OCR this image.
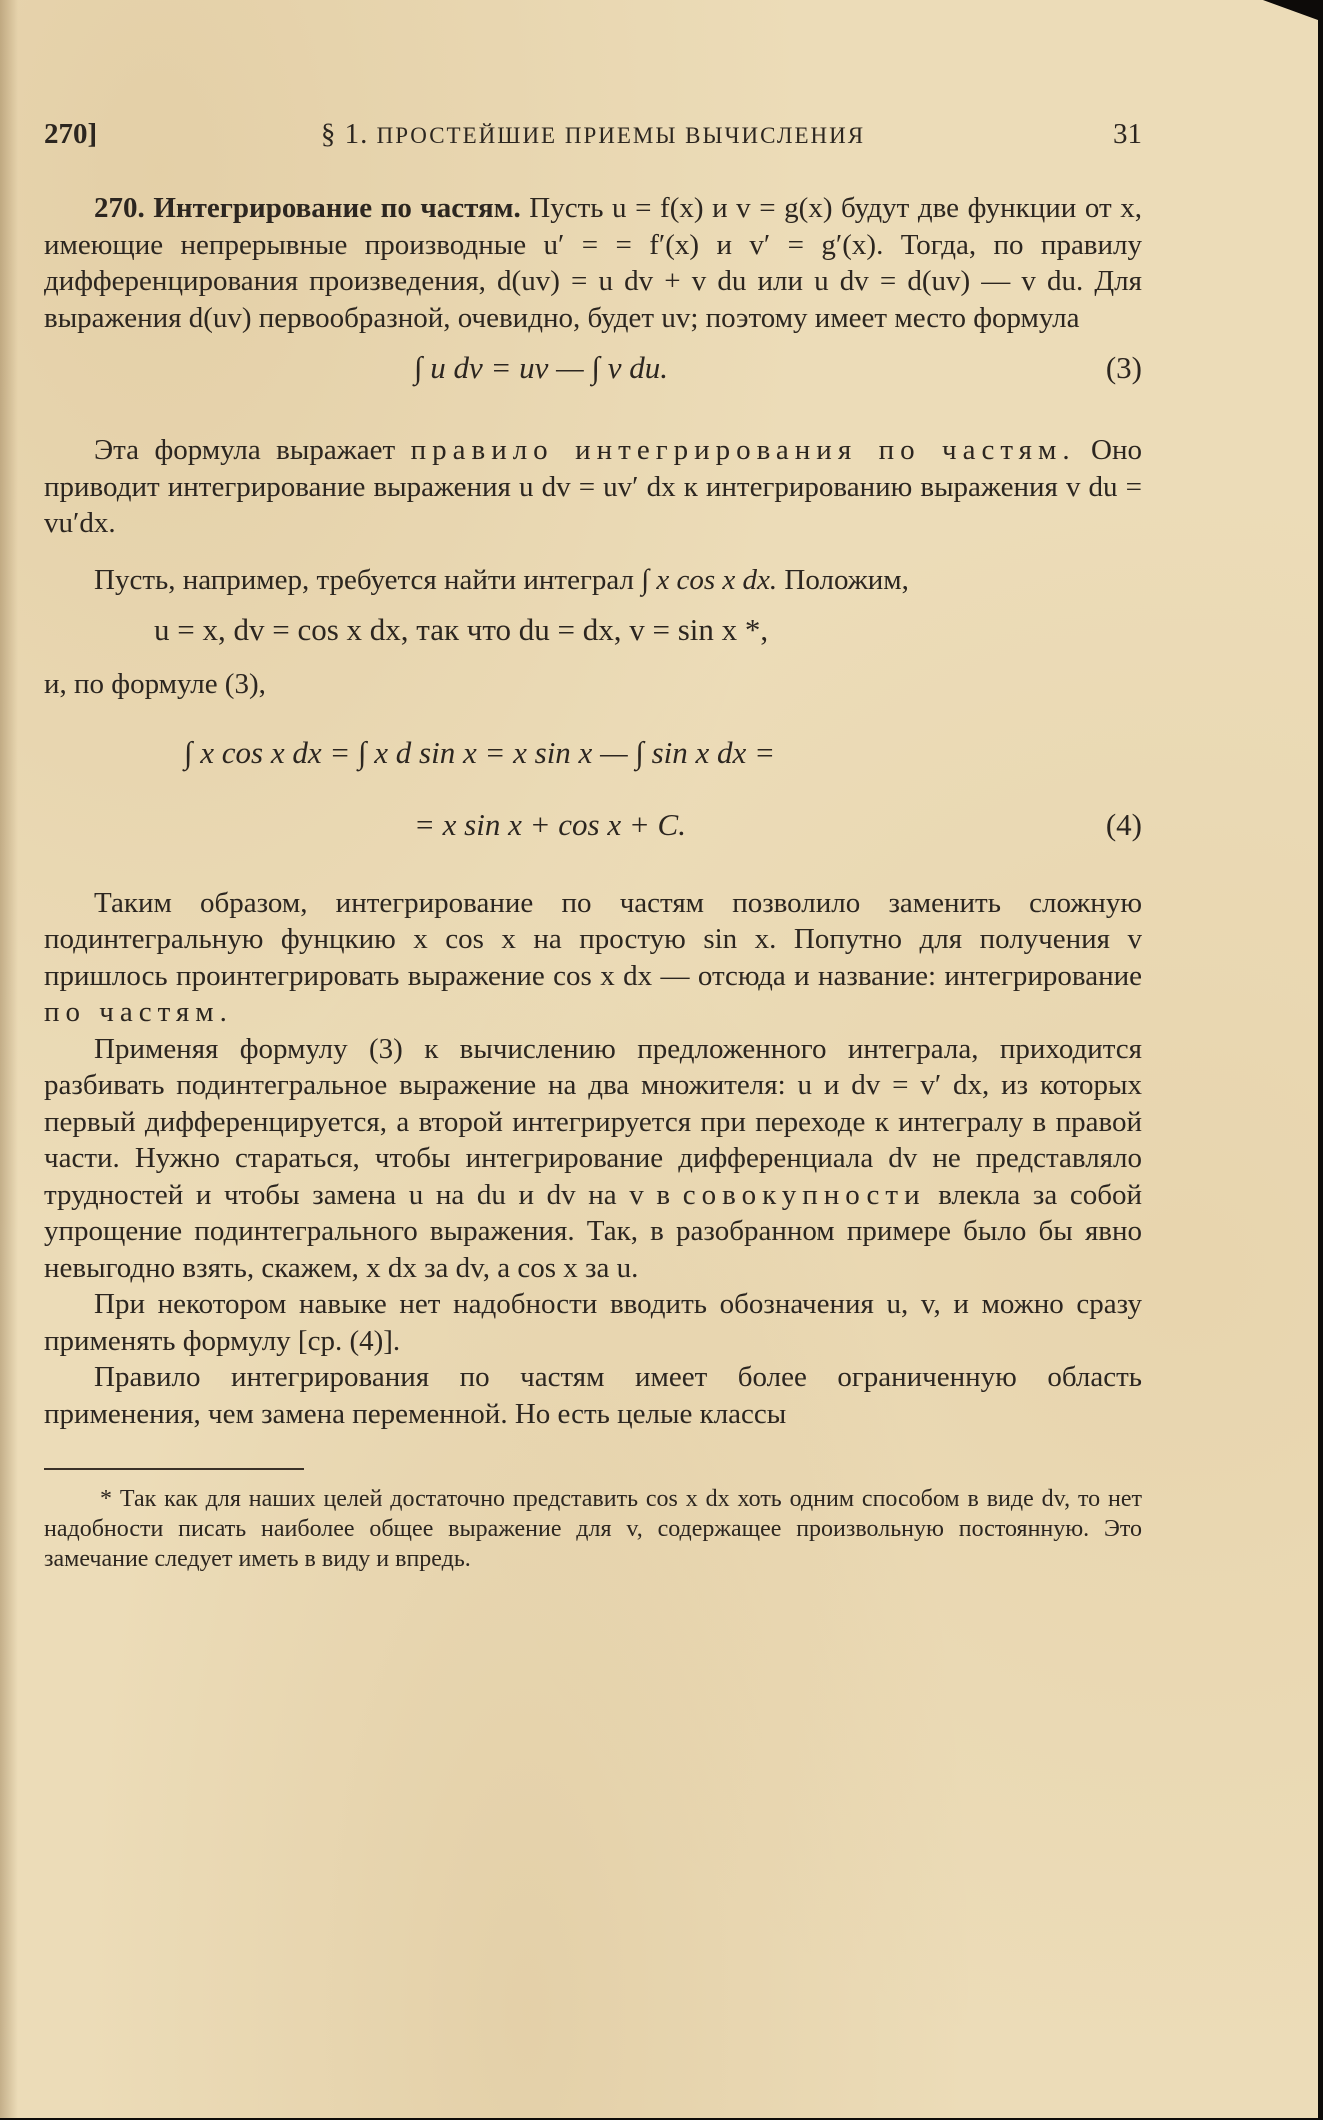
270]	§ 1. ПРОСТЕЙШИЕ ПРИЕМЫ ВЫЧИСЛЕНИЯ	31

270. Интегрирование по частям. Пусть u = f(x) и v = g(x) будут две функции от x, имеющие непрерывные производные u′ = = f′(x) и v′ = g′(x). Тогда, по правилу дифференцирования произведения, d(uv) = u dv + v du или u dv = d(uv) — v du. Для выражения d(uv) первообразной, очевидно, будет uv; поэтому имеет место формула

∫ u dv = uv — ∫ v du.	(3)

Эта формула выражает правило интегрирования по частям. Оно приводит интегрирование выражения u dv = uv′ dx к интегрированию выражения v du = vu′dx.

Пусть, например, требуется найти интеграл ∫ x cos x dx. Положим,

u = x, dv = cos x dx, так что du = dx, v = sin x *,

и, по формуле (3),

∫ x cos x dx = ∫ x d sin x = x sin x — ∫ sin x dx =
= x sin x + cos x + C.	(4)

Таким образом, интегрирование по частям позволило заменить сложную подинтегральную фунцкию x cos x на простую sin x. Попутно для получения v пришлось проинтегрировать выражение cos x dx — отсюда и название: интегрирование по частям.

Применяя формулу (3) к вычислению предложенного интеграла, приходится разбивать подинтегральное выражение на два множителя: u и dv = v′ dx, из которых первый дифференцируется, а второй интегрируется при переходе к интегралу в правой части. Нужно стараться, чтобы интегрирование дифференциала dv не представляло трудностей и чтобы замена u на du и dv на v в совокупности влекла за собой упрощение подинтегрального выражения. Так, в разобранном примере было бы явно невыгодно взять, скажем, x dx за dv, а cos x за u.

При некотором навыке нет надобности вводить обозначения u, v, и можно сразу применять формулу [ср. (4)].

Правило интегрирования по частям имеет более ограниченную область применения, чем замена переменной. Но есть целые классы

* Так как для наших целей достаточно представить cos x dx хоть одним способом в виде dv, то нет надобности писать наиболее общее выражение для v, содержащее произвольную постоянную. Это замечание следует иметь в виду и впредь.
